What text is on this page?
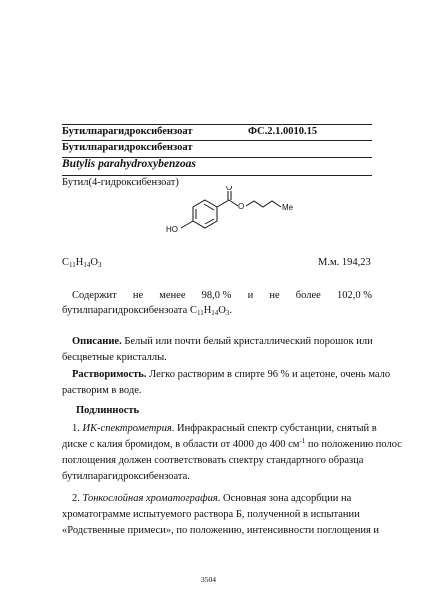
Бутилпарагидроксибензоат	ФС.2.1.0010.15
Бутилпарагидроксибензоат
Butylis parahydroxybenzoas
Бутил(4-гидроксибензоат)
HO
O
O	Me
$C_{11}H_{14}O_3$	М.м. 194,23
Содержит не менее 98,0 % и не более 102,0 %
бутилпарагидроксибензоата $C_{11}H_{14}O_3$.
Описание. Белый или почти белый кристаллический порошок или
бесцветные кристаллы.
Растворимость. Легко растворим в спирте 96 % и ацетоне, очень мало
растворим в воде.
Подлинность
1. ИК-спектрометрия. Инфракрасный спектр субстанции, снятый в
диске с калия бромидом, в области от 4000 до 400 $см^{-1}$ по положению полос
поглощения должен соответствовать спектру стандартного образца
бутилпарагидроксибензоата.
2. Тонкослойная хроматография. Основная зона адсорбции на
хроматограмме испытуемого раствора Б, полученной в испытании
«Родственные примеси», по положению, интенсивности поглощения и
3504
